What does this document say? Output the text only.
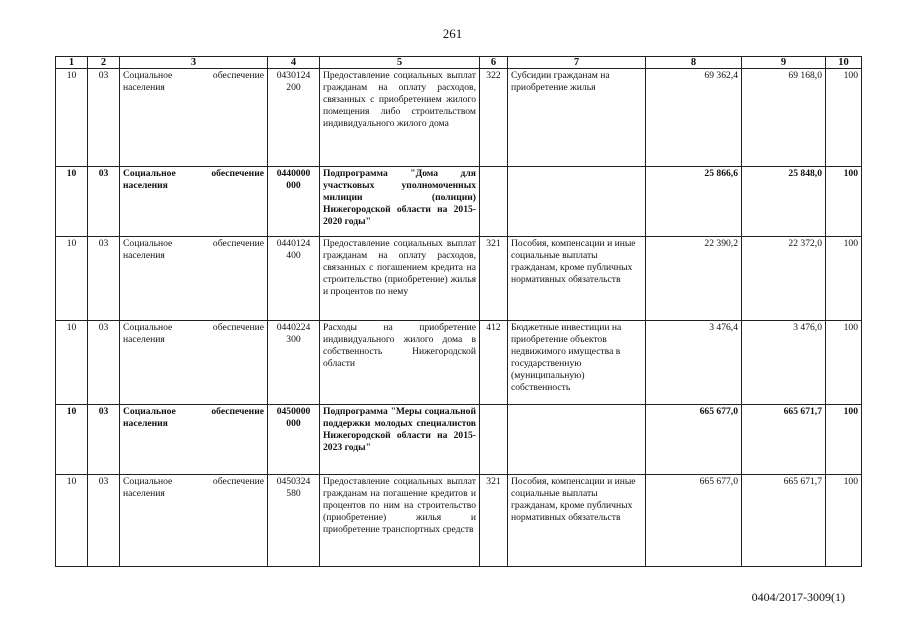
261
1	2	3	4	5	6	7	8	9	10
10	03	Социальное обеспечение населения	0430124 200	Предоставление социальных выплат гражданам на оплату расходов, связанных с приобретением жилого помещения либо строительством индивидуального жилого дома	322	Субсидии гражданам на приобретение жилья	69 362,4	69 168,0	100
10	03	Социальное обеспечение населения	0440000 000	Подпрограмма "Дома для участковых уполномоченных милиции (полиции) Нижегородской области на 2015-2020 годы"			25 866,6	25 848,0	100
10	03	Социальное обеспечение населения	0440124 400	Предоставление социальных выплат гражданам на оплату расходов, связанных с погашением кредита на строительство (приобретение) жилья и процентов по нему	321	Пособия, компенсации и иные социальные выплаты гражданам, кроме публичных нормативных обязательств	22 390,2	22 372,0	100
10	03	Социальное обеспечение населения	0440224 300	Расходы на приобретение индивидуального жилого дома в собственность Нижегородской области	412	Бюджетные инвестиции на приобретение объектов недвижимого имущества в государственную (муниципальную) собственность	3 476,4	3 476,0	100
10	03	Социальное обеспечение населения	0450000 000	Подпрограмма "Меры социальной поддержки молодых специалистов Нижегородской области на 2015-2023 годы"			665 677,0	665 671,7	100
10	03	Социальное обеспечение населения	0450324 580	Предоставление социальных выплат гражданам на погашение кредитов и процентов по ним на строительство (приобретение) жилья и приобретение транспортных средств	321	Пособия, компенсации и иные социальные выплаты гражданам, кроме публичных нормативных обязательств	665 677,0	665 671,7	100
0404/2017-3009(1)
